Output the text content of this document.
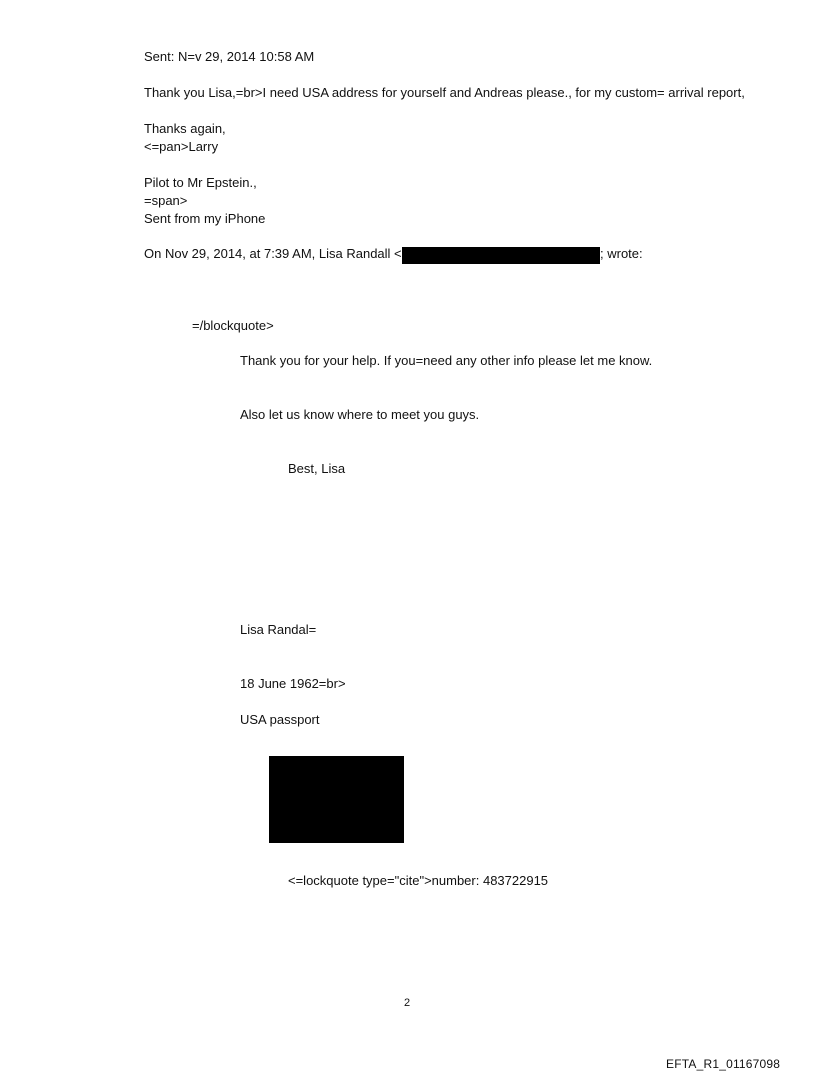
Sent: N=v 29, 2014 10:58 AM
Thank you Lisa,=br>I need USA address for yourself and Andreas please., for my custom= arrival report,
Thanks again,
<=pan>Larry
Pilot to Mr Epstein.,
=span>
Sent from my iPhone
On Nov 29, 2014, at 7:39 AM, Lisa Randall <	; wrote:
=/blockquote>
Thank you for your help. If you=need any other info please let me know.
Also let us know where to meet you guys.
Best, Lisa
Lisa Randal=
18 June 1962=br>
USA passport
<=lockquote type="cite">number: 483722915
2
EFTA_R1_01167098
